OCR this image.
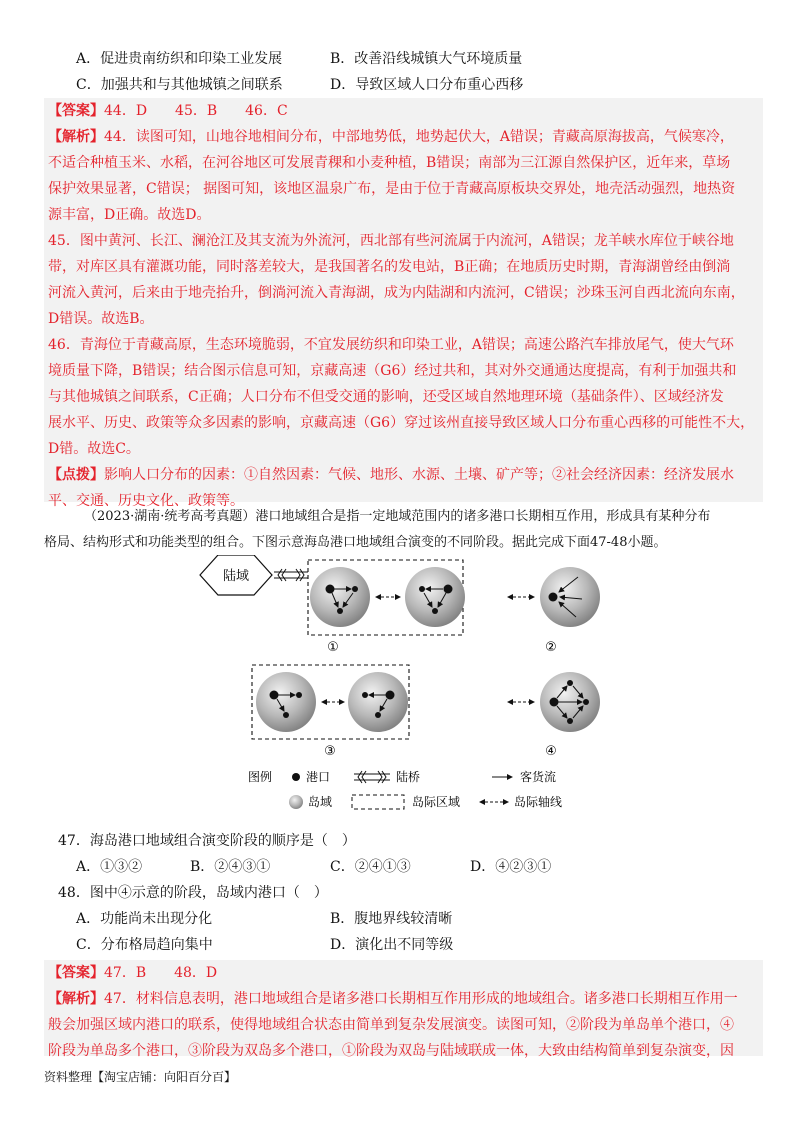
A．促进贵南纺织和印染工业发展	B．改善沿线城镇大气环境质量
C．加强共和与其他城镇之间联系	D．导致区域人口分布重心西移

【答案】44．D　　45．B　　46．C

【解析】44．读图可知，山地谷地相间分布，中部地势低，地势起伏大，A错误；青藏高原海拔高，气候寒冷，

不适合种植玉米、水稻，在河谷地区可发展青稞和小麦种植，B错误；南部为三江源自然保护区，近年来，草场

保护效果显著，C错误； 据图可知，该地区温泉广布，是由于位于青藏高原板块交界处，地壳活动强烈，地热资

源丰富，D正确。故选D。

45．图中黄河、长江、澜沧江及其支流为外流河，西北部有些河流属于内流河，A错误；龙羊峡水库位于峡谷地

带，对库区具有灌溉功能，同时落差较大，是我国著名的发电站，B正确；在地质历史时期，青海湖曾经由倒淌

河流入黄河，后来由于地壳抬升，倒淌河流入青海湖，成为内陆湖和内流河，C错误；沙珠玉河自西北流向东南，

D错误。故选B。

46．青海位于青藏高原，生态环境脆弱，不宜发展纺织和印染工业，A错误；高速公路汽车排放尾气，使大气环

境质量下降，B错误；结合图示信息可知，京藏高速（G6）经过共和，其对外交通通达度提高，有利于加强共和

与其他城镇之间联系，C正确；人口分布不但受交通的影响，还受区域自然地理环境（基础条件）、区域经济发

展水平、历史、政策等众多因素的影响，京藏高速（G6）穿过该州直接导致区域人口分布重心西移的可能性不大，

D错。故选C。

【点拨】影响人口分布的因素：①自然因素：气候、地形、水源、土壤、矿产等；②社会经济因素：经济发展水

平、交通、历史文化、政策等。

（2023·湖南·统考高考真题）港口地域组合是指一定地域范围内的诸多港口长期相互作用，形成具有某种分布

格局、结构形式和功能类型的组合。下图示意海岛港口地域组合演变的不同阶段。据此完成下面47-48小题。

陆域
①	②
③	④
图例	港口	陆桥	客货流
岛域	岛际区域	岛际轴线
47．海岛港口地域组合演变阶段的顺序是（　）
A．①③②	B．②④③①	C．②④①③	D．④②③①
48．图中④示意的阶段，岛域内港口（　）
A．功能尚未出现分化	B．腹地界线较清晰
C．分布格局趋向集中	D．演化出不同等级

【答案】47．B　　48．D

【解析】47．材料信息表明，港口地域组合是诸多港口长期相互作用形成的地域组合。诸多港口长期相互作用一

般会加强区域内港口的联系，使得地域组合状态由简单到复杂发展演变。读图可知，②阶段为单岛单个港口，④

阶段为单岛多个港口，③阶段为双岛多个港口，①阶段为双岛与陆域联成一体，大致由结构简单到复杂演变，因

资料整理【淘宝店铺：向阳百分百】
